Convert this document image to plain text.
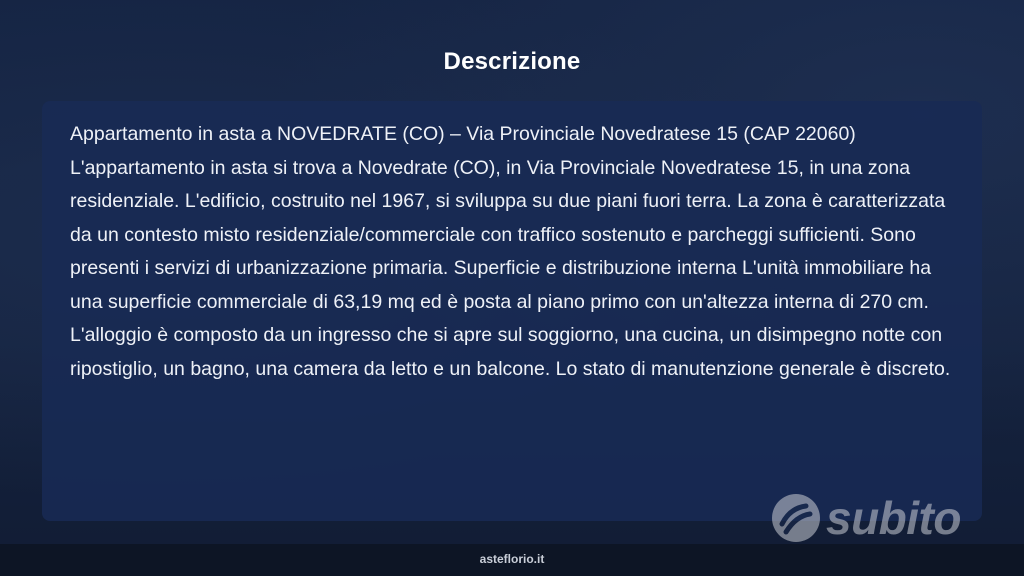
Descrizione

Appartamento in asta a NOVEDRATE (CO) – Via Provinciale Novedratese 15 (CAP 22060) L'appartamento in asta si trova a Novedrate (CO), in Via Provinciale Novedratese 15, in una zona residenziale. L'edificio, costruito nel 1967, si sviluppa su due piani fuori terra. La zona è caratterizzata da un contesto misto residenziale/commerciale con traffico sostenuto e parcheggi sufficienti. Sono presenti i servizi di urbanizzazione primaria. Superficie e distribuzione interna L'unità immobiliare ha una superficie commerciale di 63,19 mq ed è posta al piano primo con un'altezza interna di 270 cm. L'alloggio è composto da un ingresso che si apre sul soggiorno, una cucina, un disimpegno notte con ripostiglio, un bagno, una camera da letto e un balcone. Lo stato di manutenzione generale è discreto.

subito
asteflorio.it
